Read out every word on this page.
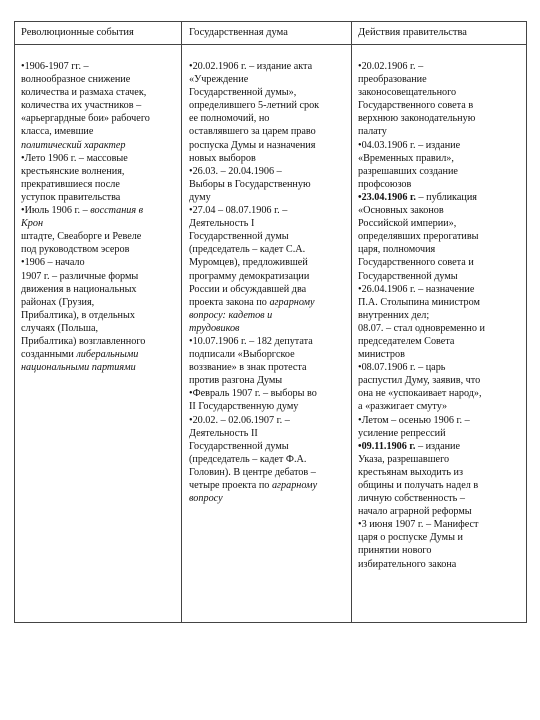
Революционные события
•1906-1907 гг. –
волнообразное снижение
количества и размаха стачек,
количества их участников –
«арьергардные бои» рабочего
класса, имевшие
политический характер
•Лето 1906 г. – массовые
крестьянские волнения,
прекратившиеся после
уступок правительства
•Июль 1906 г. – восстания в
Крон
штадте, Свеаборге и Ревеле
под руководством эсеров
•1906 – начало
1907 г. – различные формы
движения в национальных
районах (Грузия,
Прибалтика), в отдельных
случаях (Польша,
Прибалтика) возглавленного
созданными либеральными
национальными партиями
Государственная дума
•20.02.1906 г. – издание акта
«Учреждение
Государственной думы»,
определившего 5-летний срок
ее полномочий, но
оставлявшего за царем право
роспуска Думы и назначения
новых выборов
•26.03. – 20.04.1906 –
Выборы в Государственную
думу
•27.04 – 08.07.1906 г. –
Деятельность I
Государственной думы
(председатель – кадет С.А.
Муромцев), предложившей
программу демократизации
России и обсуждавшей два
проекта закона по аграрному
вопросу: кадетов и
трудовиков
•10.07.1906 г. – 182 депутата
подписали «Выборгское
воззвание» в знак протеста
против разгона Думы
•Февраль 1907 г. – выборы во
II Государственную думу
•20.02. – 02.06.1907 г. –
Деятельность II
Государственной думы
(председатель – кадет Ф.А.
Головин). В центре дебатов –
четыре проекта по аграрному
вопросу
Действия правительства
•20.02.1906 г. –
преобразование
законосовещательного
Государственного совета в
верхнюю законодательную
палату
•04.03.1906 г. – издание
«Временных правил»,
разрешавших создание
профсоюзов
•23.04.1906 г. – публикация
«Основных законов
Российской империи»,
определявших прерогативы
царя, полномочия
Государственного совета и
Государственной думы
•26.04.1906 г. – назначение
П.А. Столыпина министром
внутренних дел;
08.07. – стал одновременно и
председателем Совета
министров
•08.07.1906 г. – царь
распустил Думу, заявив, что
она не «успокаивает народ»,
а «разжигает смуту»
•Летом – осенью 1906 г. –
усиление репрессий
•09.11.1906 г. – издание
Указа, разрешавшего
крестьянам выходить из
общины и получать надел в
личную собственность –
начало аграрной реформы
•3 июня 1907 г. – Манифест
царя о роспуске Думы и
принятии нового
избирательного закона
